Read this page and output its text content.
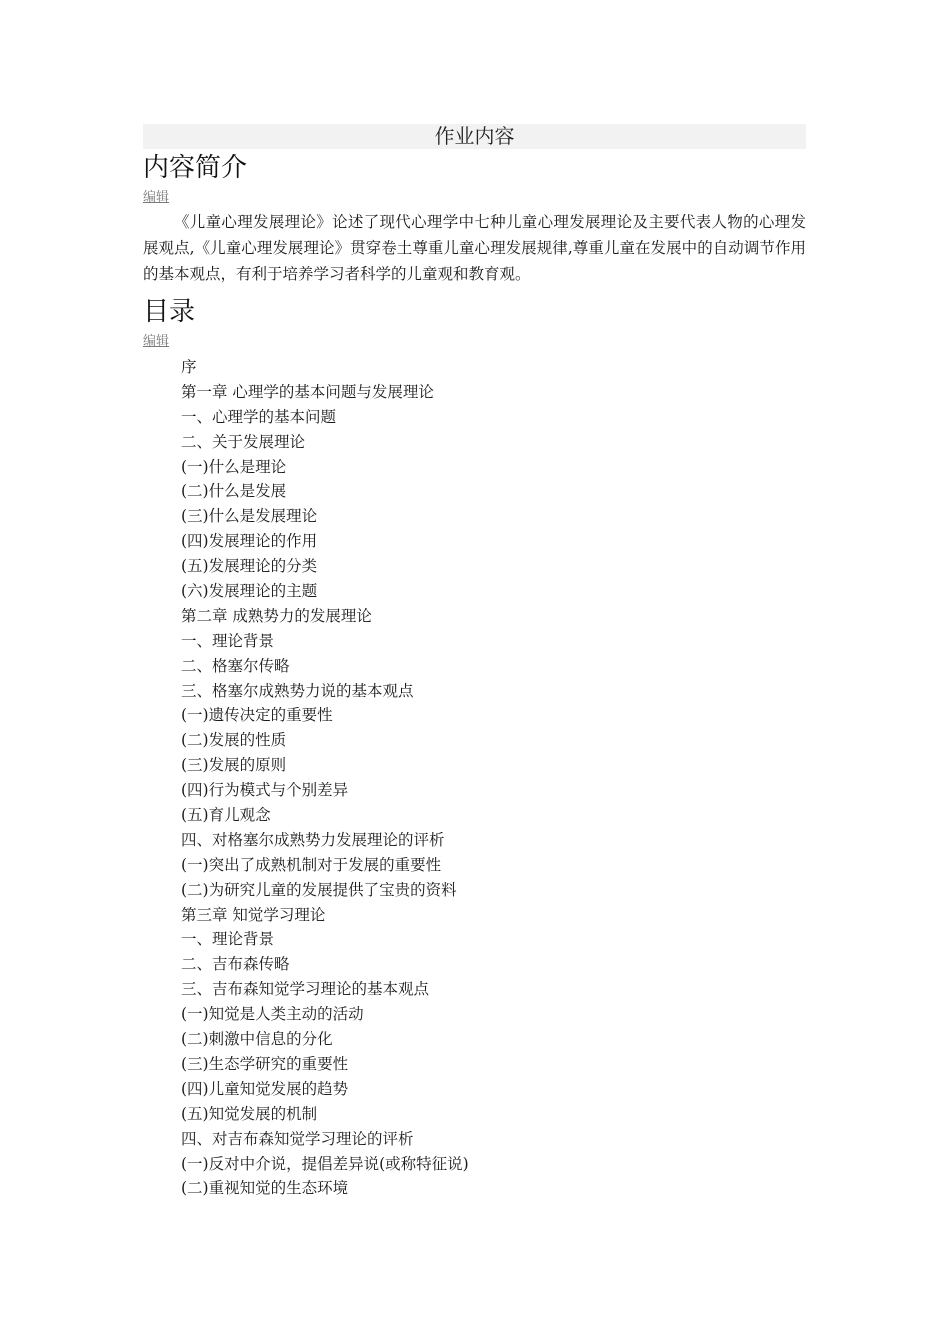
作业内容
内容简介
编辑

《儿童心理发展理论》论述了现代心理学中七种儿童心理发展理论及主要代表人物的心理发展观点,《儿童心理发展理论》贯穿卷土尊重儿童心理发展规律,尊重儿童在发展中的自动调节作用的基本观点，有利于培养学习者科学的儿童观和教育观。

目录
编辑
序
第一章 心理学的基本问题与发展理论
一、心理学的基本问题
二、关于发展理论
(一)什么是理论
(二)什么是发展
(三)什么是发展理论
(四)发展理论的作用
(五)发展理论的分类
(六)发展理论的主题
第二章 成熟势力的发展理论
一、理论背景
二、格塞尔传略
三、格塞尔成熟势力说的基本观点
(一)遗传决定的重要性
(二)发展的性质
(三)发展的原则
(四)行为模式与个别差异
(五)育儿观念
四、对格塞尔成熟势力发展理论的评析
(一)突出了成熟机制对于发展的重要性
(二)为研究儿童的发展提供了宝贵的资料
第三章 知觉学习理论
一、理论背景
二、吉布森传略
三、吉布森知觉学习理论的基本观点
(一)知觉是人类主动的活动
(二)刺激中信息的分化
(三)生态学研究的重要性
(四)儿童知觉发展的趋势
(五)知觉发展的机制
四、对吉布森知觉学习理论的评析
(一)反对中介说，提倡差异说(或称特征说)
(二)重视知觉的生态环境
